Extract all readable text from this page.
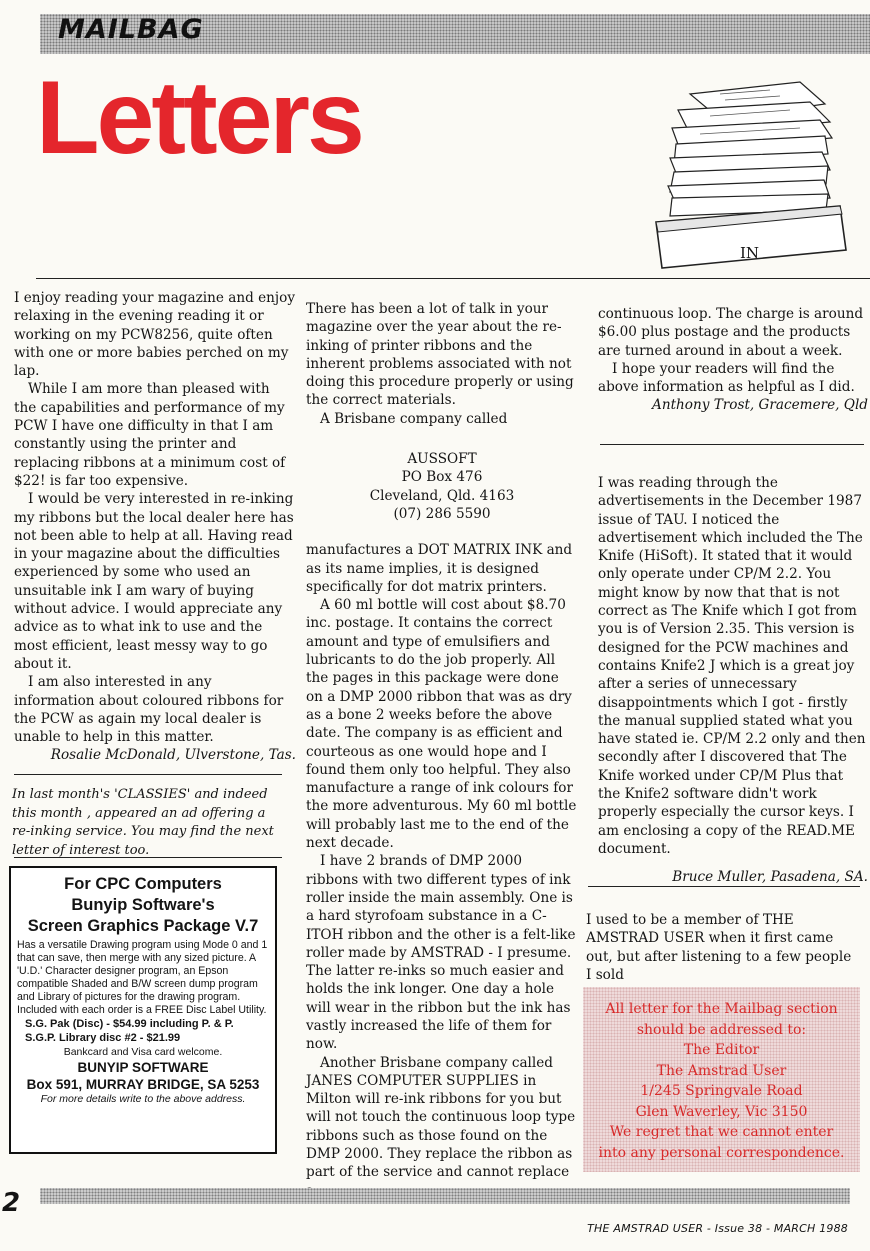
MAILBAG
Letters
IN

I enjoy reading your magazine and enjoy relaxing in the evening reading it or working on my PCW8256, quite often with one or more babies perched on my lap.

While I am more than pleased with the capabilities and performance of my PCW I have one difficulty in that I am constantly using the printer and replacing ribbons at a minimum cost of $22! is far too expensive.

I would be very interested in re-inking my ribbons but the local dealer here has not been able to help at all. Having read in your magazine about the difficulties experienced by some who used an unsuitable ink I am wary of buying without advice. I would appreciate any advice as to what ink to use and the most efficient, least messy way to go about it.

I am also interested in any information about coloured ribbons for the PCW as again my local dealer is unable to help in this matter.

Rosalie McDonald, Ulverstone, Tas.

In last month's 'CLASSIES' and indeed this month , appeared an ad offering a re-inking service. You may find the next letter of interest too.
For CPC Computers
Bunyip Software's
Screen Graphics Package V.7
Has a versatile Drawing program using Mode 0 and 1 that can save, then merge with any sized picture. A 'U.D.' Character designer program, an Epson compatible Shaded and B/W screen dump program and Library of pictures for the drawing program. Included with each order is a FREE Disc Label Utility.
S.G. Pak (Disc) - $54.99 including P. & P.
S.G.P. Library disc #2 - $21.99
Bankcard and Visa card welcome.
BUNYIP SOFTWARE
Box 591, MURRAY BRIDGE, SA 5253
For more details write to the above address.

There has been a lot of talk in your magazine over the year about the re-inking of printer ribbons and the inherent problems associated with not doing this procedure properly or using the correct materials.

A Brisbane company called

AUSSOFT
PO Box 476
Cleveland, Qld. 4163
(07) 286 5590

manufactures a DOT MATRIX INK and as its name implies, it is designed specifically for dot matrix printers.

A 60 ml bottle will cost about $8.70 inc. postage. It contains the correct amount and type of emulsifiers and lubricants to do the job properly. All the pages in this package were done on a DMP 2000 ribbon that was as dry as a bone 2 weeks before the above date. The company is as efficient and courteous as one would hope and I found them only too helpful. They also manufacture a range of ink colours for the more adventurous. My 60 ml bottle will probably last me to the end of the next decade.

I have 2 brands of DMP 2000 ribbons with two different types of ink roller inside the main assembly. One is a hard styrofoam substance in a C-ITOH ribbon and the other is a felt-like roller made by AMSTRAD - I presume. The latter re-inks so much easier and holds the ink longer. One day a hole will wear in the ribbon but the ink has vastly increased the life of them for now.

Another Brisbane company called JANES COMPUTER SUPPLIES in Milton will re-ink ribbons for you but will not touch the continuous loop type ribbons such as those found on the DMP 2000. They replace the ribbon as part of the service and cannot replace

continuous loop. The charge is around $6.00 plus postage and the products are turned around in about a week.

I hope your readers will find the above information as helpful as I did.

Anthony Trost, Gracemere, Qld

I was reading through the advertisements in the December 1987 issue of TAU. I noticed the advertisement which included the The Knife (HiSoft). It stated that it would only operate under CP/M 2.2. You might know by now that that is not correct as The Knife which I got from you is of Version 2.35. This version is designed for the PCW machines and contains Knife2 J which is a great joy after a series of unnecessary disappointments which I got - firstly the manual supplied stated what you have stated ie. CP/M 2.2 only and then secondly after I discovered that The Knife worked under CP/M Plus that the Knife2 software didn't work properly especially the cursor keys. I am enclosing a copy of the READ.ME document.

Bruce Muller, Pasadena, SA.

I used to be a member of THE AMSTRAD USER when it first came out, but after listening to a few people I sold

All letter for the Mailbag section
should be addressed to:
The Editor
The Amstrad User
1/245 Springvale Road
Glen Waverley, Vic 3150
We regret that we cannot enter
into any personal correspondence.
2
THE AMSTRAD USER - Issue 38 - MARCH 1988
